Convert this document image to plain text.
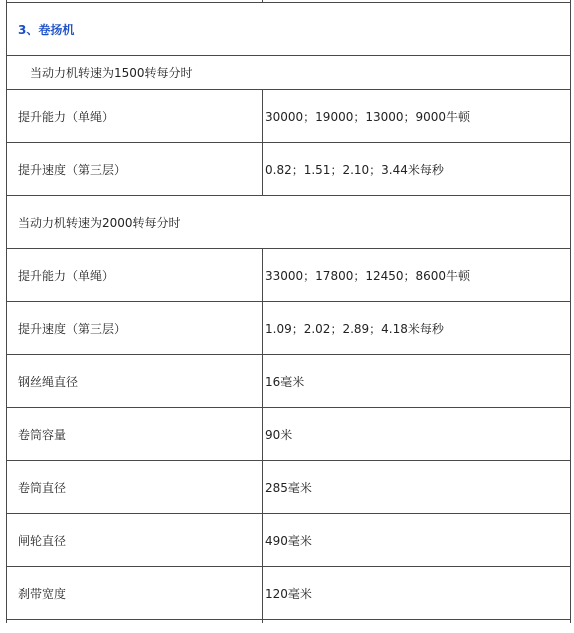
3、卷扬机	
当动力机转速为1500转每分时	
提升能力（单绳）	30000；19000；13000；9000牛顿
提升速度（第三层）	0.82；1.51；2.10；3.44米每秒
当动力机转速为2000转每分时	
提升能力（单绳）	33000；17800；12450；8600牛顿
提升速度（第三层）	1.09；2.02；2.89；4.18米每秒
钢丝绳直径	16毫米
卷筒容量	90米
卷筒直径	285毫米
闸轮直径	490毫米
刹带宽度	120毫米
